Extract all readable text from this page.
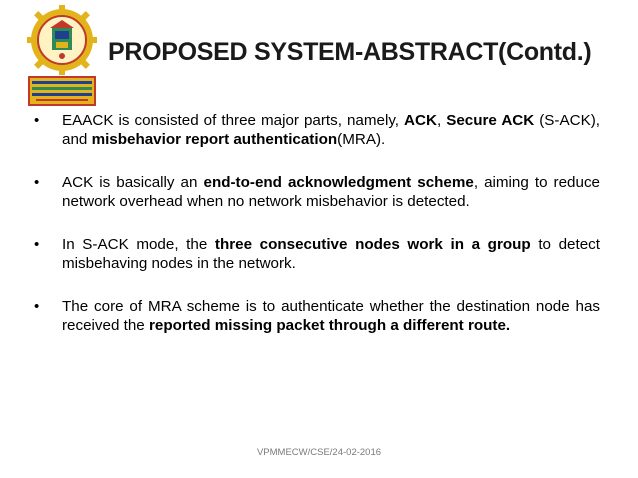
PROPOSED SYSTEM-ABSTRACT(Contd.)
• EAACK is consisted of three major parts, namely, ACK, Secure ACK (S-ACK), and misbehavior report authentication(MRA).
• ACK is basically an end-to-end acknowledgment scheme, aiming to reduce network overhead when no network misbehavior is detected.
• In S-ACK mode, the three consecutive nodes work in a group to detect misbehaving nodes in the network.
• The core of MRA scheme is to authenticate whether the destination node has received the reported missing packet through a different route.
VPMMECW/CSE/24-02-2016
